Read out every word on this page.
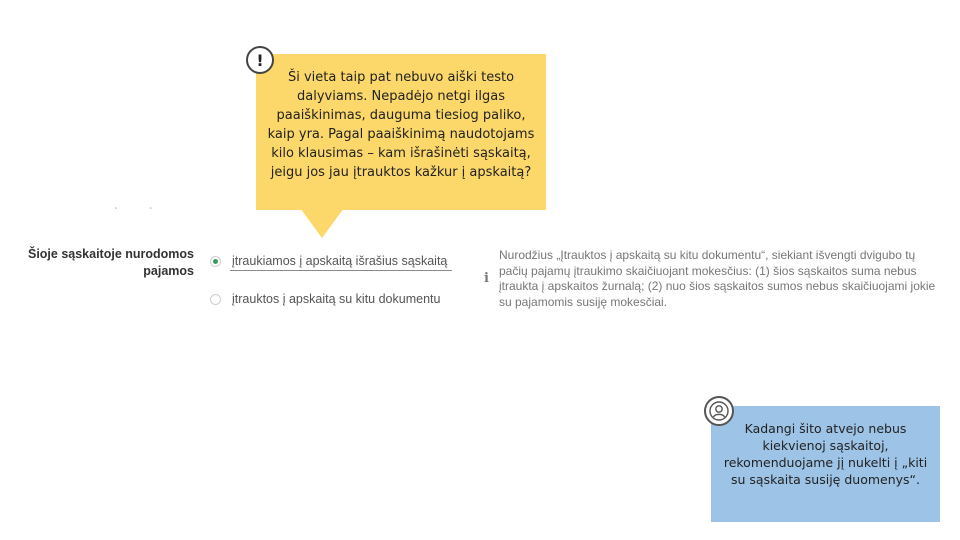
‘	‘
Ši vieta taip pat nebuvo aiški testo dalyviams. Nepadėjo netgi ilgas paaiškinimas, dauguma tiesiog paliko, kaip yra. Pagal paaiškinimą naudotojams kilo klausimas – kam išrašinėti sąskaitą, jeigu jos jau įtrauktos kažkur į apskaitą?
!
Šioje sąskaitoje nurodomos pajamos
įtraukiamos į apskaitą išrašius sąskaitą
įtrauktos į apskaitą su kitu dokumentu
i
Nurodžius „Įtrauktos į apskaitą su kitu dokumentu“, siekiant išvengti dvigubo tų pačių pajamų įtraukimo skaičiuojant mokesčius: (1) šios sąskaitos suma nebus įtraukta į apskaitos žurnalą; (2) nuo šios sąskaitos sumos nebus skaičiuojami jokie su pajamomis susiję mokesčiai.
Kadangi šito atvejo nebus kiekvienoj sąskaitoj, rekomenduojame jį nukelti į „kiti su sąskaita susiję duomenys“.
